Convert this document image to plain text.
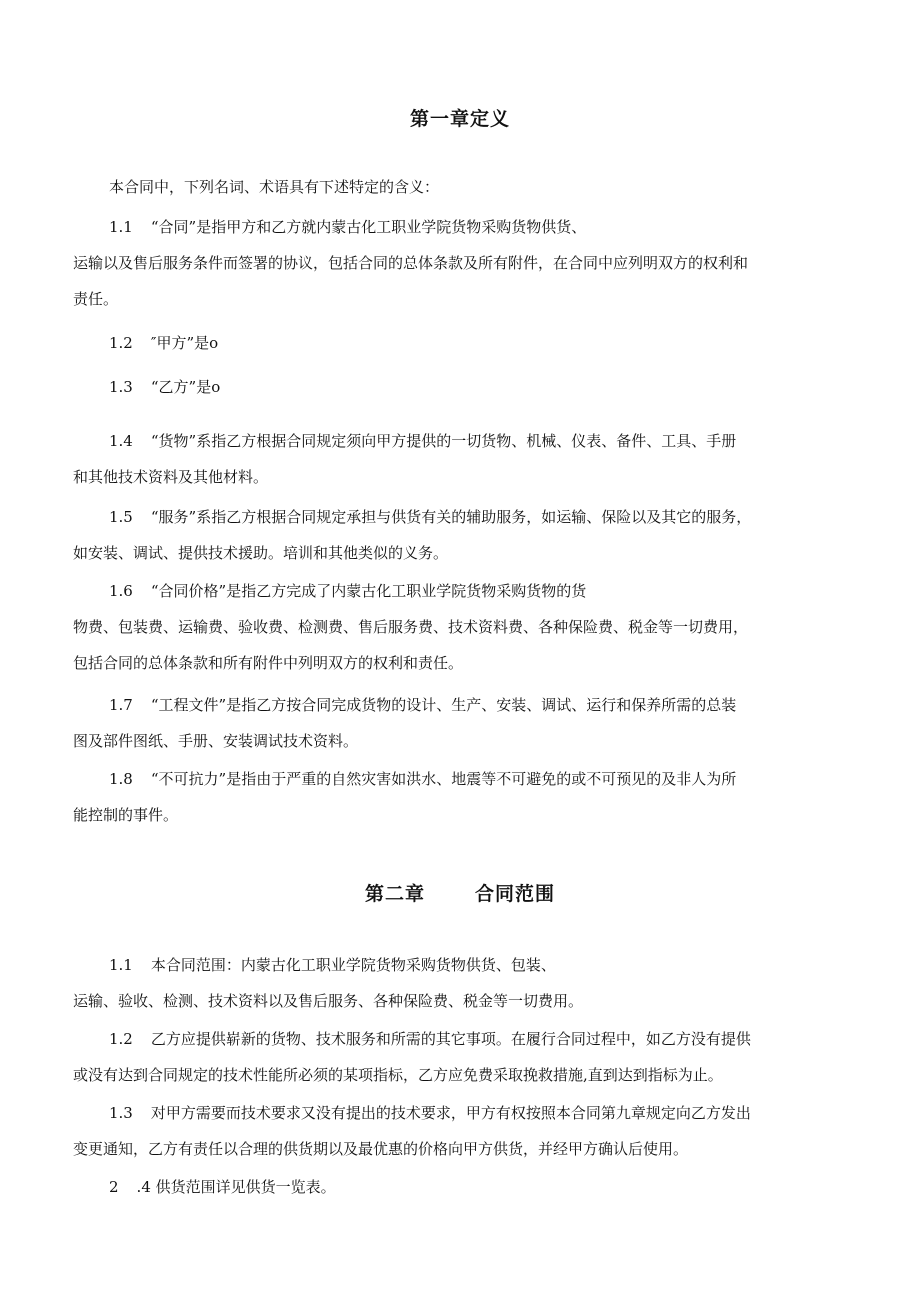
第一章定义

本合同中，下列名词、术语具有下述特定的含义：

1.1 “合同”是指甲方和乙方就内蒙古化工职业学院货物采购货物供货、
运输以及售后服务条件而签署的协议，包括合同的总体条款及所有附件，在合同中应列明双方的权利和
责任。

1.2 ″甲方”是o

1.3 “乙方”是o

1.4 “货物”系指乙方根据合同规定须向甲方提供的一切货物、机械、仪表、备件、工具、手册
和其他技术资料及其他材料。

1.5 “服务”系指乙方根据合同规定承担与供货有关的辅助服务，如运输、保险以及其它的服务，
如安装、调试、提供技术援助。培训和其他类似的义务。

1.6 “合同价格”是指乙方完成了内蒙古化工职业学院货物采购货物的货
物费、包装费、运输费、验收费、检测费、售后服务费、技术资料费、各种保险费、税金等一切费用，
包括合同的总体条款和所有附件中列明双方的权利和责任。

1.7 “工程文件”是指乙方按合同完成货物的设计、生产、安装、调试、运行和保养所需的总装
图及部件图纸、手册、安装调试技术资料。

1.8 “不可抗力”是指由于严重的自然灾害如洪水、地震等不可避免的或不可预见的及非人为所
能控制的事件。

第二章	合同范围

1.1 本合同范围：内蒙古化工职业学院货物采购货物供货、包装、
运输、验收、检测、技术资料以及售后服务、各种保险费、税金等一切费用。

1.2 乙方应提供崭新的货物、技术服务和所需的其它事项。在履行合同过程中，如乙方没有提供
或没有达到合同规定的技术性能所必须的某项指标，乙方应免费采取挽救措施,直到达到指标为止。

1.3 对甲方需要而技术要求又没有提出的技术要求，甲方有权按照本合同第九章规定向乙方发出
变更通知，乙方有责任以合理的供货期以及最优惠的价格向甲方供货，并经甲方确认后使用。

2 .4 供货范围详见供货一览表。
